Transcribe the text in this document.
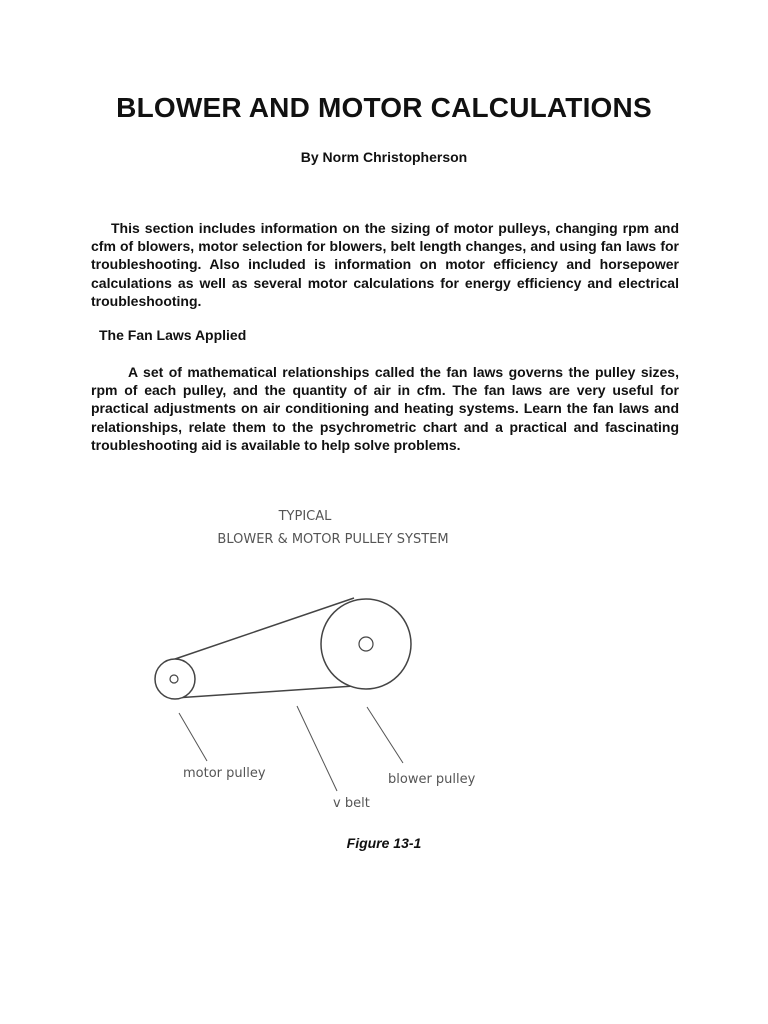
BLOWER AND MOTOR CALCULATIONS
By Norm Christopherson

This section includes information on the sizing of motor pulleys, changing rpm and cfm of blowers, motor selection for blowers, belt length changes, and using fan laws for troubleshooting. Also included is information on motor efficiency and horsepower calculations as well as several motor calculations for energy efficiency and electrical troubleshooting.

The Fan Laws Applied

A set of mathematical relationships called the fan laws governs the pulley sizes, rpm of each pulley, and the quantity of air in cfm. The fan laws are very useful for practical adjustments on air conditioning and heating systems. Learn the fan laws and relationships, relate them to the psychrometric chart and a practical and fascinating troubleshooting aid is available to help solve problems.

TYPICAL
BLOWER & MOTOR PULLEY SYSTEM
motor pulley
v belt
blower pulley
Figure 13-1
